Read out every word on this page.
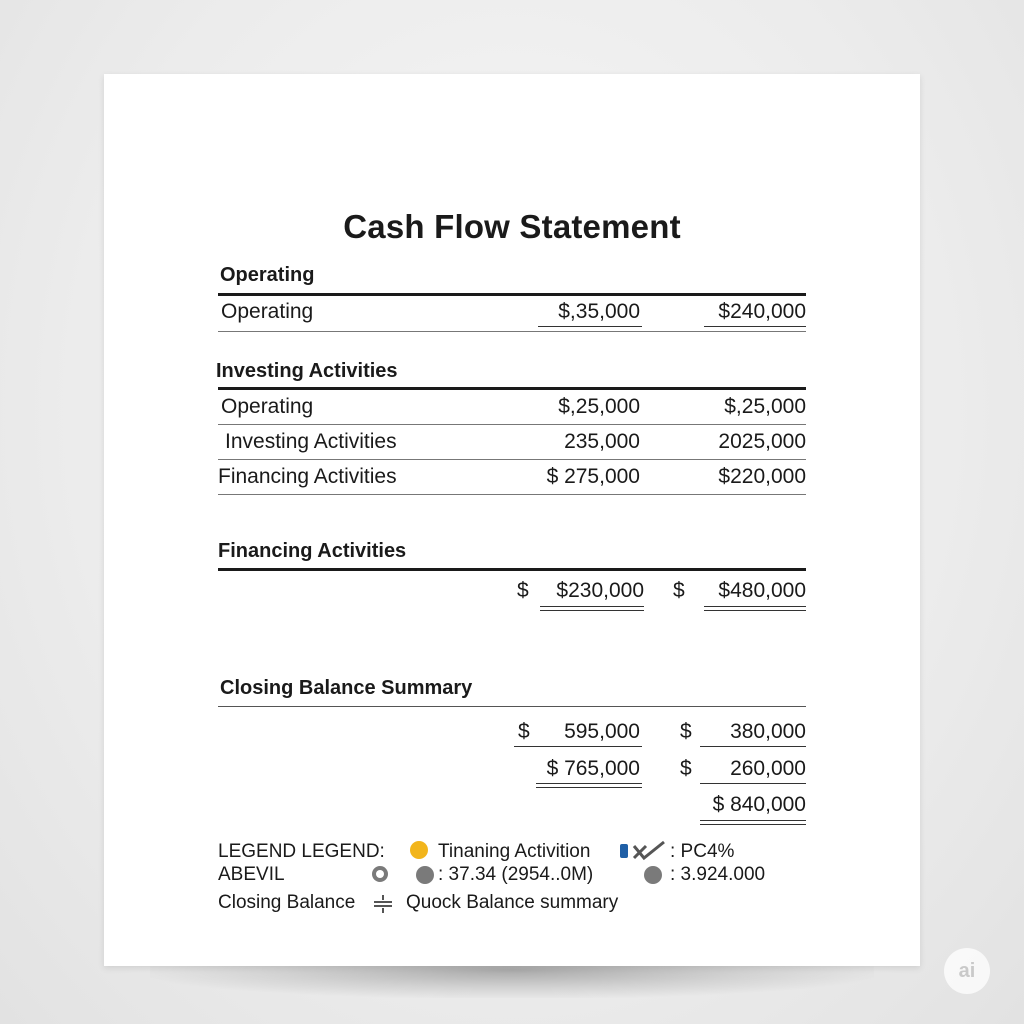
Cash Flow Statement
Operating
Operating	$,35,000	$240,000
Investing Activities
Operating	$,25,000	$,25,000
Investing Activities	235,000	2025,000
Financing Activities	$ 275,000	$220,000
Financing Activities
$	$230,000 $	$480,000
Closing Balance Summary
$	595,000 $	380,000
$ 765,000 $	260,000
$ 840,000
LEGEND LEGEND:	Tinaning Activition	: PC4%
ABEVIL	: 37.34 (2954..0M)	: 3.924.000
Closing Balance	Quock Balance summary
ai
